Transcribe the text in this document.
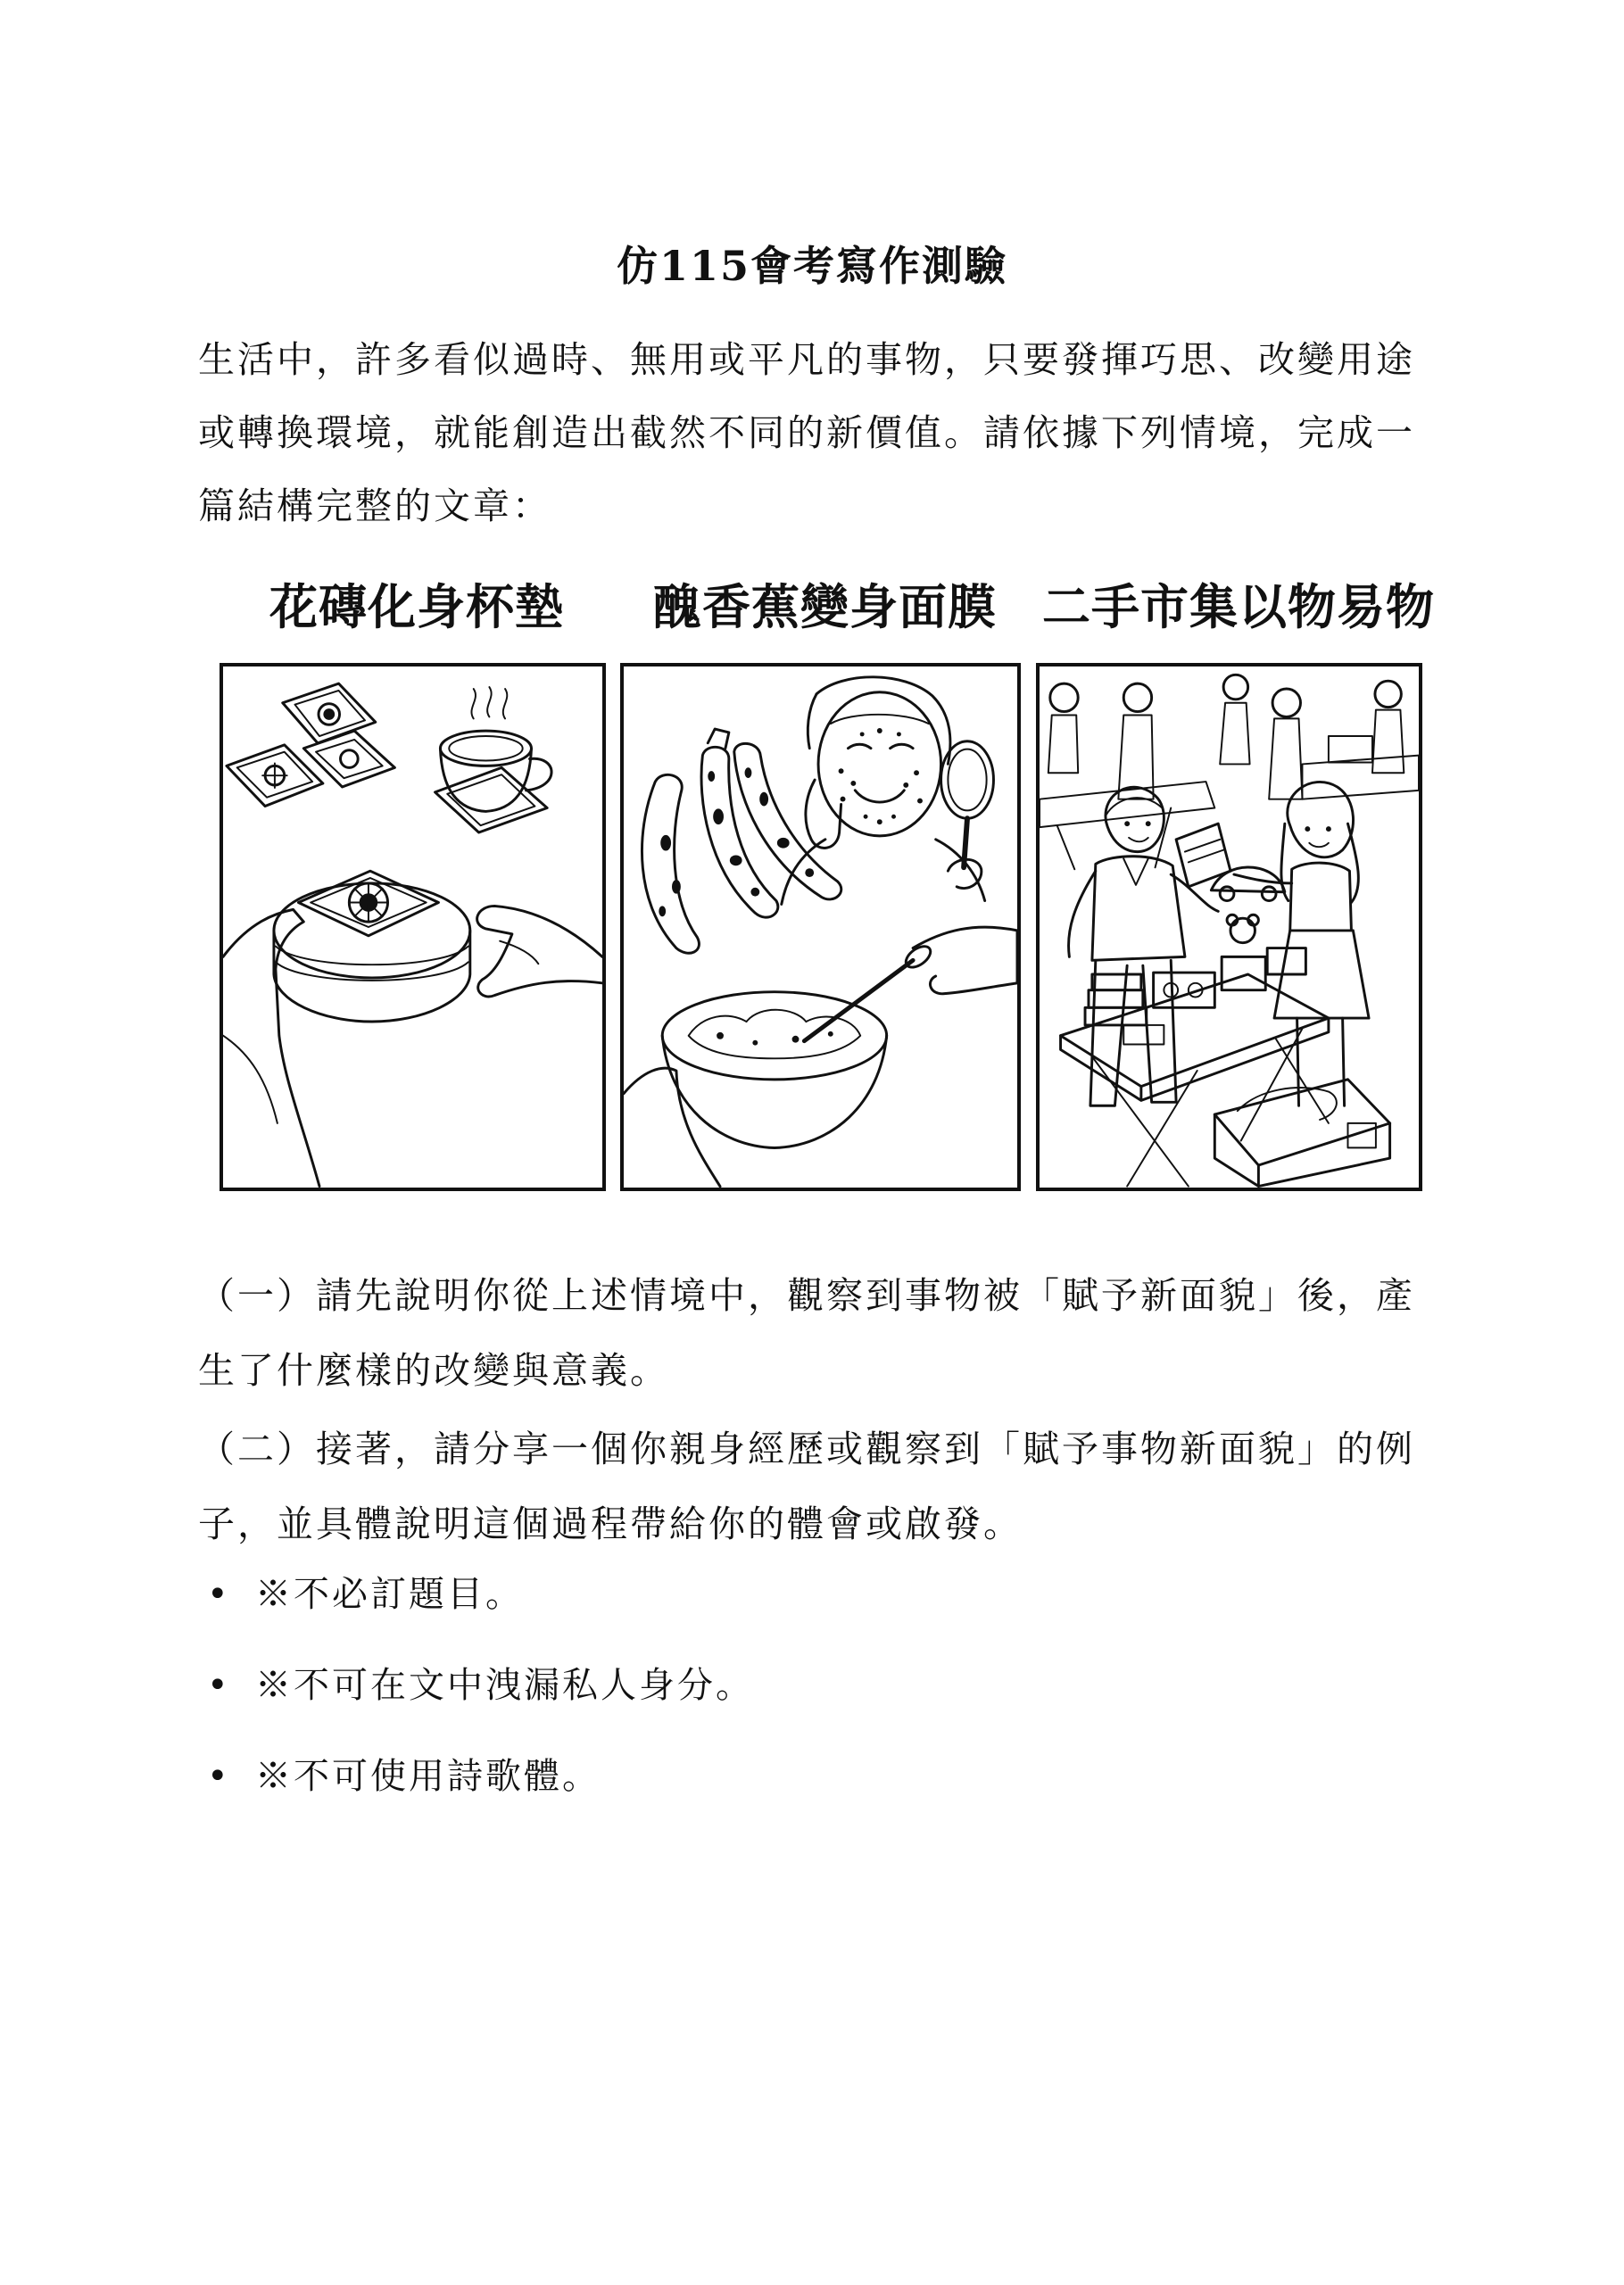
仿115會考寫作測驗

生活中，許多看似過時、無用或平凡的事物，只要發揮巧思、改變用途或轉換環境，就能創造出截然不同的新價值。請依據下列情境，完成一篇結構完整的文章：

花磚化身杯墊 醜香蕉變身面膜 二手市集以物易物

（一）請先說明你從上述情境中，觀察到事物被「賦予新面貌」後，產生了什麼樣的改變與意義。

（二）接著，請分享一個你親身經歷或觀察到「賦予事物新面貌」的例子，並具體說明這個過程帶給你的體會或啟發。

• ※不必訂題目。
• ※不可在文中洩漏私人身分。
• ※不可使用詩歌體。
